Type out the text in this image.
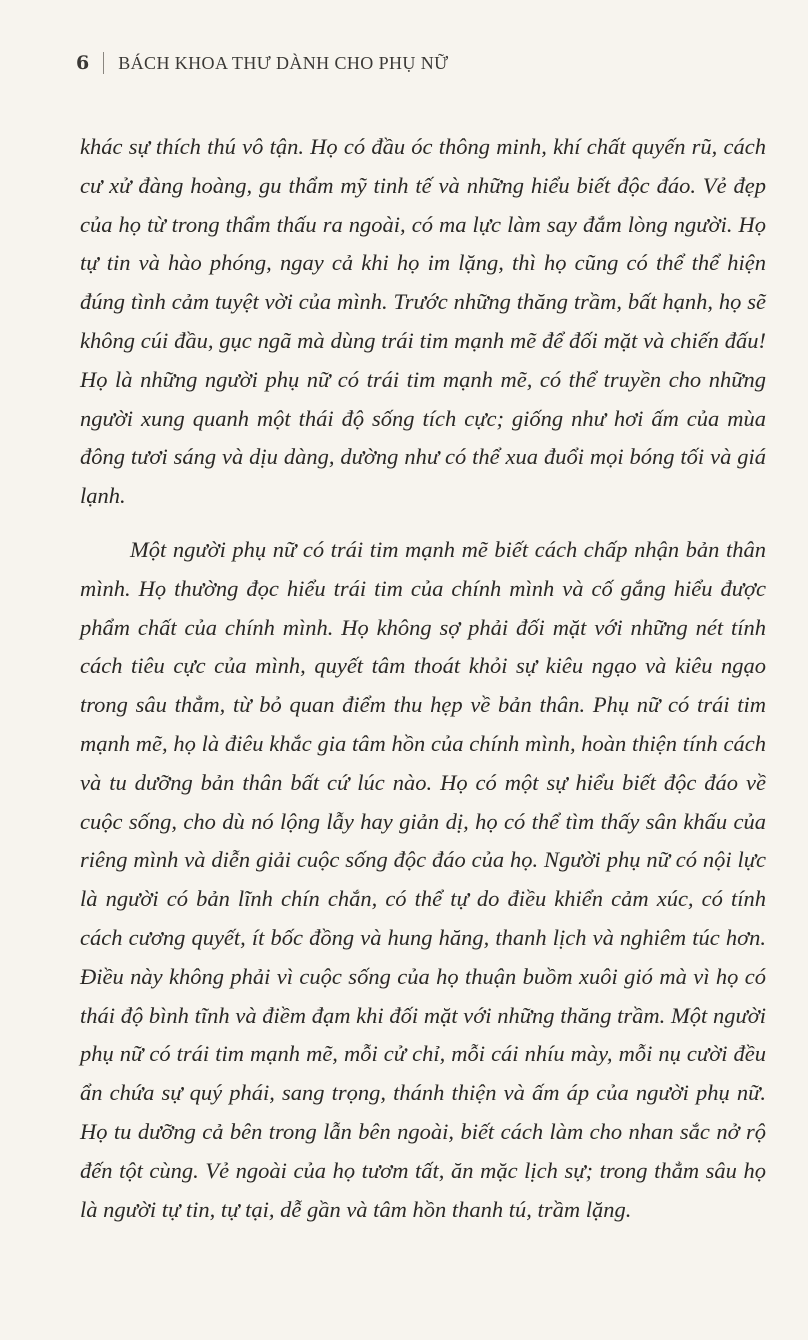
6 BÁCH KHOA THƯ DÀNH CHO PHỤ NỮ

khác sự thích thú vô tận. Họ có đầu óc thông minh, khí chất quyến rũ, cách cư xử đàng hoàng, gu thẩm mỹ tinh tế và những hiểu biết độc đáo. Vẻ đẹp của họ từ trong thẩm thấu ra ngoài, có ma lực làm say đắm lòng người. Họ tự tin và hào phóng, ngay cả khi họ im lặng, thì họ cũng có thể thể hiện đúng tình cảm tuyệt vời của mình. Trước những thăng trầm, bất hạnh, họ sẽ không cúi đầu, gục ngã mà dùng trái tim mạnh mẽ để đối mặt và chiến đấu! Họ là những người phụ nữ có trái tim mạnh mẽ, có thể truyền cho những người xung quanh một thái độ sống tích cực; giống như hơi ấm của mùa đông tươi sáng và dịu dàng, dường như có thể xua đuổi mọi bóng tối và giá lạnh.

Một người phụ nữ có trái tim mạnh mẽ biết cách chấp nhận bản thân mình. Họ thường đọc hiểu trái tim của chính mình và cố gắng hiểu được phẩm chất của chính mình. Họ không sợ phải đối mặt với những nét tính cách tiêu cực của mình, quyết tâm thoát khỏi sự kiêu ngạo và kiêu ngạo trong sâu thẳm, từ bỏ quan điểm thu hẹp về bản thân. Phụ nữ có trái tim mạnh mẽ, họ là điêu khắc gia tâm hồn của chính mình, hoàn thiện tính cách và tu dưỡng bản thân bất cứ lúc nào. Họ có một sự hiểu biết độc đáo về cuộc sống, cho dù nó lộng lẫy hay giản dị, họ có thể tìm thấy sân khấu của riêng mình và diễn giải cuộc sống độc đáo của họ. Người phụ nữ có nội lực là người có bản lĩnh chín chắn, có thể tự do điều khiển cảm xúc, có tính cách cương quyết, ít bốc đồng và hung hăng, thanh lịch và nghiêm túc hơn. Điều này không phải vì cuộc sống của họ thuận buồm xuôi gió mà vì họ có thái độ bình tĩnh và điềm đạm khi đối mặt với những thăng trầm. Một người phụ nữ có trái tim mạnh mẽ, mỗi cử chỉ, mỗi cái nhíu mày, mỗi nụ cười đều ẩn chứa sự quý phái, sang trọng, thánh thiện và ấm áp của người phụ nữ. Họ tu dưỡng cả bên trong lẫn bên ngoài, biết cách làm cho nhan sắc nở rộ đến tột cùng. Vẻ ngoài của họ tươm tất, ăn mặc lịch sự; trong thẳm sâu họ là người tự tin, tự tại, dễ gần và tâm hồn thanh tú, trầm lặng.
